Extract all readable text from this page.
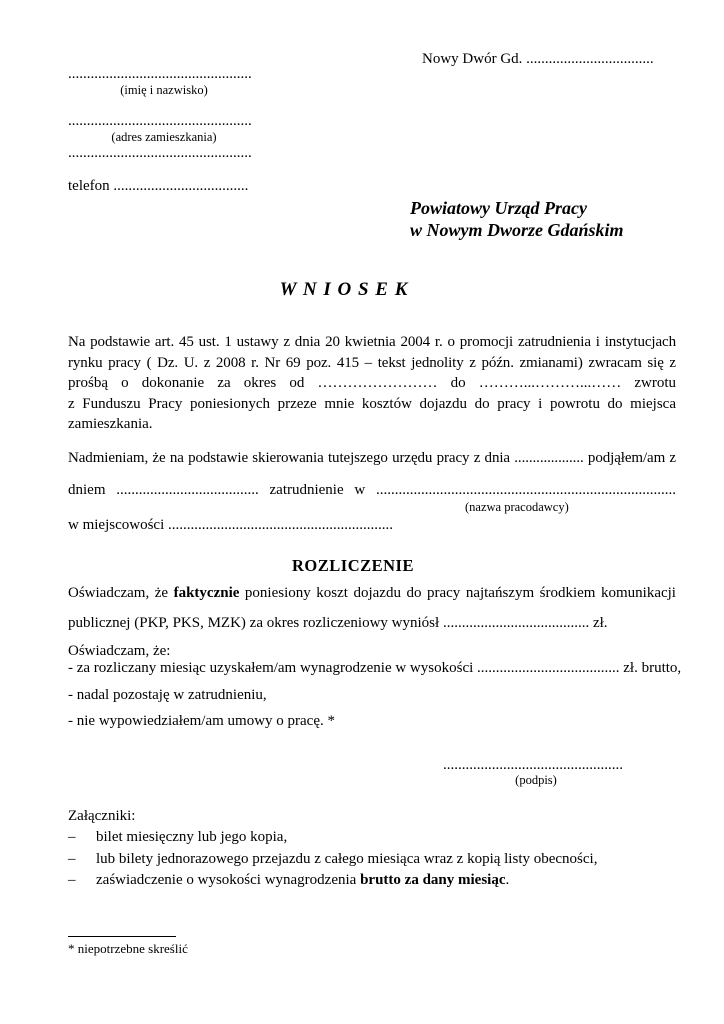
Nowy Dwór Gd. ..................................
.................................................
(imię i nazwisko)
.................................................
(adres zamieszkania)
.................................................
telefon ....................................
Powiatowy Urząd Pracy
w Nowym Dworze Gdańskim
W N I O S E K
Na podstawie art. 45 ust. 1 ustawy z dnia 20 kwietnia 2004 r. o promocji zatrudnienia i instytucjach
rynku pracy ( Dz. U. z 2008 r. Nr 69 poz. 415 – tekst jednolity z późn. zmianami) zwracam się z
prośbą o dokonanie za okres od …………………… do ………...………...…… zwrotu
z Funduszu Pracy poniesionych przeze mnie kosztów dojazdu do pracy i powrotu do miejsca
zamieszkania.
Nadmieniam, że na podstawie skierowania tutejszego urzędu pracy z dnia ................... podjąłem/am z
dniem ...................................... zatrudnienie w ................................................................................
(nazwa pracodawcy)
w miejscowości ............................................................
ROZLICZENIE
Oświadczam, że faktycznie poniesiony koszt dojazdu do pracy najtańszym środkiem komunikacji
publicznej (PKP, PKS, MZK) za okres rozliczeniowy wyniósł ....................................... zł.
Oświadczam, że:
- za rozliczany miesiąc uzyskałem/am wynagrodzenie w wysokości ...................................... zł. brutto,
- nadal pozostaję w zatrudnieniu,
- nie wypowiedziałem/am umowy o pracę. *
................................................
(podpis)
Załączniki:
–	bilet miesięczny lub jego kopia,
–	lub bilety jednorazowego przejazdu z całego miesiąca wraz z kopią listy obecności,
–	zaświadczenie o wysokości wynagrodzenia brutto za dany miesiąc.
* niepotrzebne skreślić
